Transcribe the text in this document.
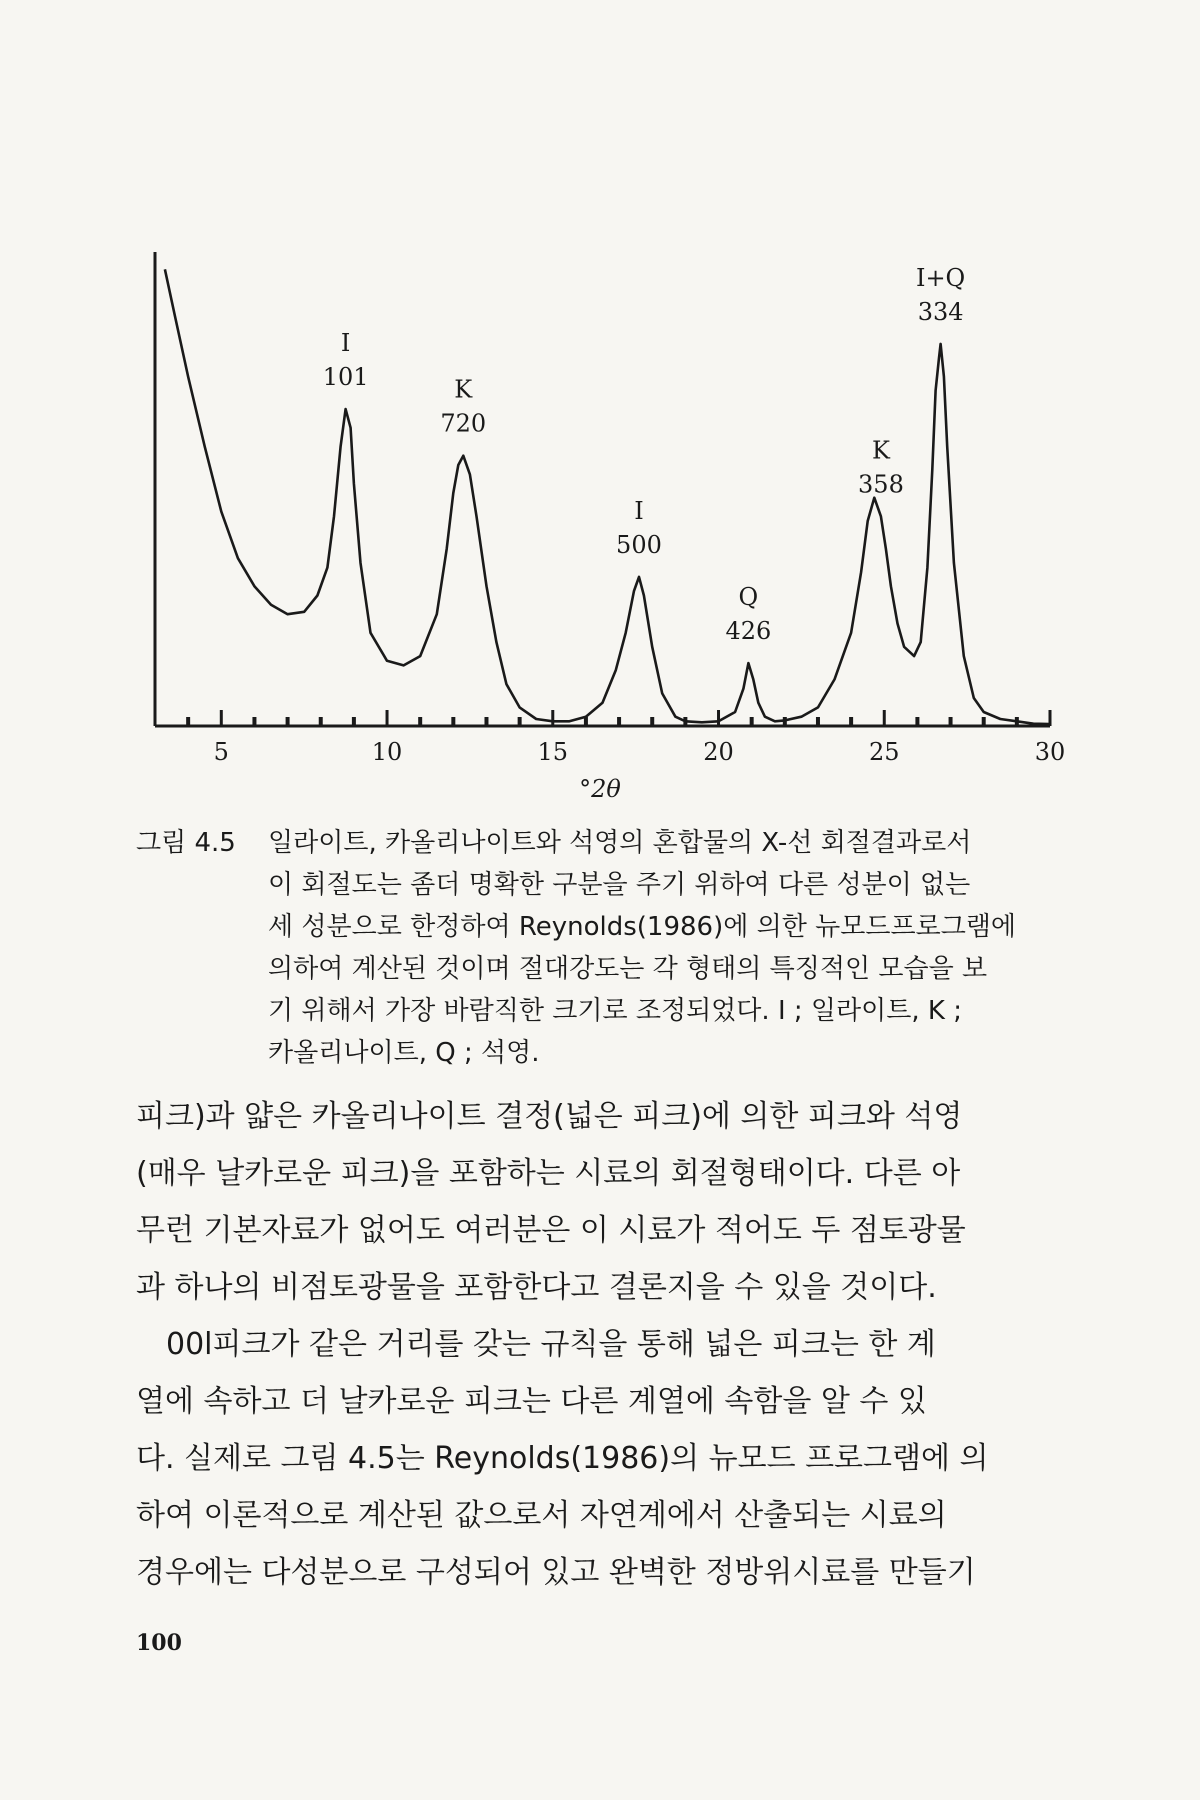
5	10	15	20	25	30
I
101	K
720
I
500
Q
426
K
358
I+Q
334
°2θ
그림 4.5 일라이트, 카올리나이트와 석영의 혼합물의 X-선 회절결과로서
이 회절도는 좀더 명확한 구분을 주기 위하여 다른 성분이 없는
세 성분으로 한정하여 Reynolds(1986)에 의한 뉴모드프로그램에
의하여 계산된 것이며 절대강도는 각 형태의 특징적인 모습을 보
기 위해서 가장 바람직한 크기로 조정되었다. I ; 일라이트, K ;
카올리나이트, Q ; 석영.
피크)과 얇은 카올리나이트 결정(넓은 피크)에 의한 피크와 석영
(매우 날카로운 피크)을 포함하는 시료의 회절형태이다. 다른 아
무런 기본자료가 없어도 여러분은 이 시료가 적어도 두 점토광물
과 하나의 비점토광물을 포함한다고 결론지을 수 있을 것이다.
00l피크가 같은 거리를 갖는 규칙을 통해 넓은 피크는 한 계
열에 속하고 더 날카로운 피크는 다른 계열에 속함을 알 수 있
다. 실제로 그림 4.5는 Reynolds(1986)의 뉴모드 프로그램에 의
하여 이론적으로 계산된 값으로서 자연계에서 산출되는 시료의
경우에는 다성분으로 구성되어 있고 완벽한 정방위시료를 만들기
100
